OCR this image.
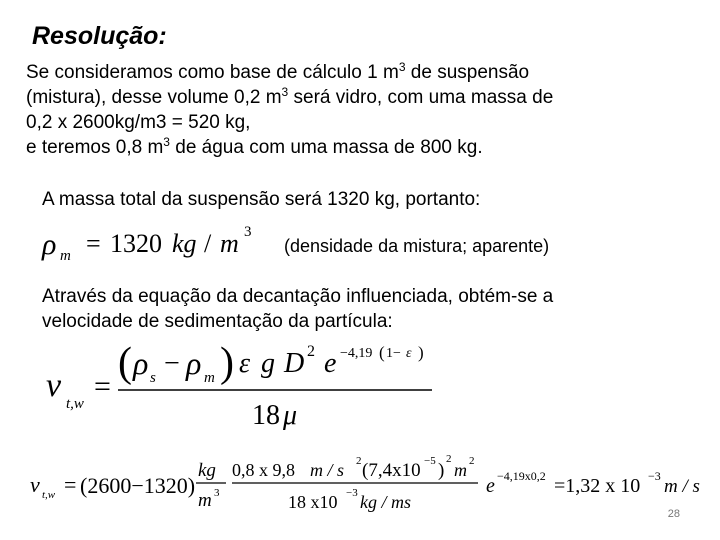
Resolução:
Se consideramos como base de cálculo 1 $m^3$ de suspensão
(mistura), desse volume 0,2 $m^3$ será vidro, com uma massa de
0,2 x 2600kg/m3 = 520 kg,
e teremos 0,8 $m^3$ de água com uma massa de 800 kg.
A massa total da suspensão será 1320 kg, portanto:
ρ m = 1320 kg / m 3
(densidade da mistura; aparente)
Através da equação da decantação influenciada, obtém-se a
velocidade de sedimentação da partícula:
v t,w
=
( ρ s − ρ m ) ε g D 2 e −4,19 ( 1− ε )
18 μ
v t,w = (2600−1320)
kg
m 3
0,8 x 9,8 m / s 2 (7,4x10 −5 )
2
m 2
18 x10 −3 kg / ms
e −4,19x0,2 =1,32 x 10 −3 m / s
28
